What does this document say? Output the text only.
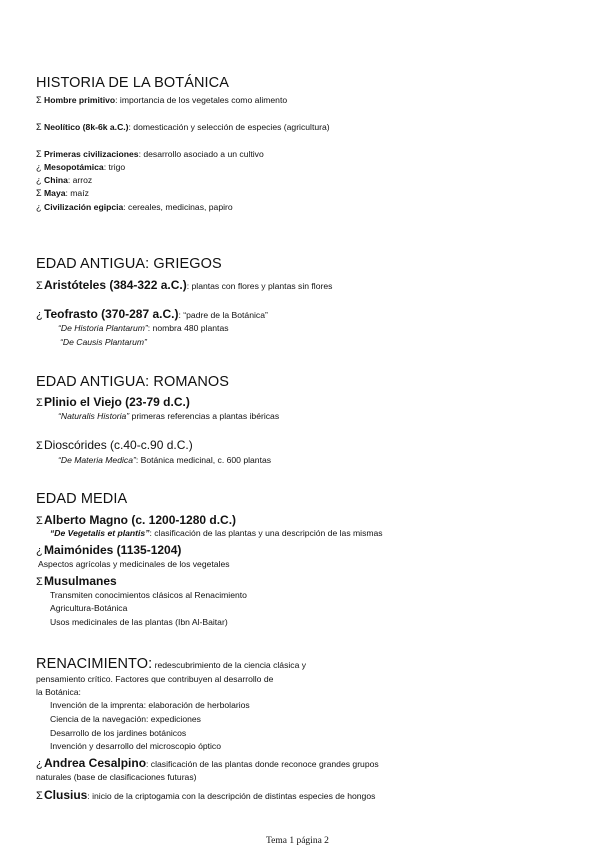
HISTORIA DE LA BOTÁNICA
Σ Hombre primitivo: importancia de los vegetales como alimento
Σ Neolítico (8k-6k a.C.): domesticación y selección de especies (agricultura)
Σ Primeras civilizaciones: desarrollo asociado a un cultivo
¿ Mesopotámica: trigo
¿ China: arroz
Σ Maya: maíz
¿ Civilización egipcia: cereales, medicinas, papiro
EDAD ANTIGUA: GRIEGOS
ΣAristóteles (384-322 a.C.): plantas con flores y plantas sin flores
¿Teofrasto (370-287 a.C.): “padre de la Botánica”
“De Historia Plantarum”: nombra 480 plantas
“De Causis Plantarum”
EDAD ANTIGUA: ROMANOS
ΣPlinio el Viejo (23-79 d.C.)
“Naturalis Historia” primeras referencias a plantas ibéricas
ΣDioscórides (c.40-c.90 d.C.)
“De Materia Medica”: Botánica medicinal, c. 600 plantas
EDAD MEDIA
ΣAlberto Magno (c. 1200-1280 d.C.)
“De Vegetalis et plantis”: clasificación de las plantas y una descripción de las mismas
¿Maimónides (1135-1204)
Aspectos agrícolas y medicinales de los vegetales
ΣMusulmanes
Transmiten conocimientos clásicos al Renacimiento
Agricultura-Botánica
Usos medicinales de las plantas (Ibn Al-Baitar)
RENACIMIENTO: redescubrimiento de la ciencia clásica y
pensamiento crítico. Factores que contribuyen al desarrollo de
la Botánica:
Invención de la imprenta: elaboración de herbolarios
Ciencia de la navegación: expediciones
Desarrollo de los jardines botánicos
Invención y desarrollo del microscopio óptico
¿Andrea Cesalpino: clasificación de las plantas donde reconoce grandes grupos
naturales (base de clasificaciones futuras)
ΣClusius: inicio de la criptogamia con la descripción de distintas especies de hongos
Tema 1 página 2
